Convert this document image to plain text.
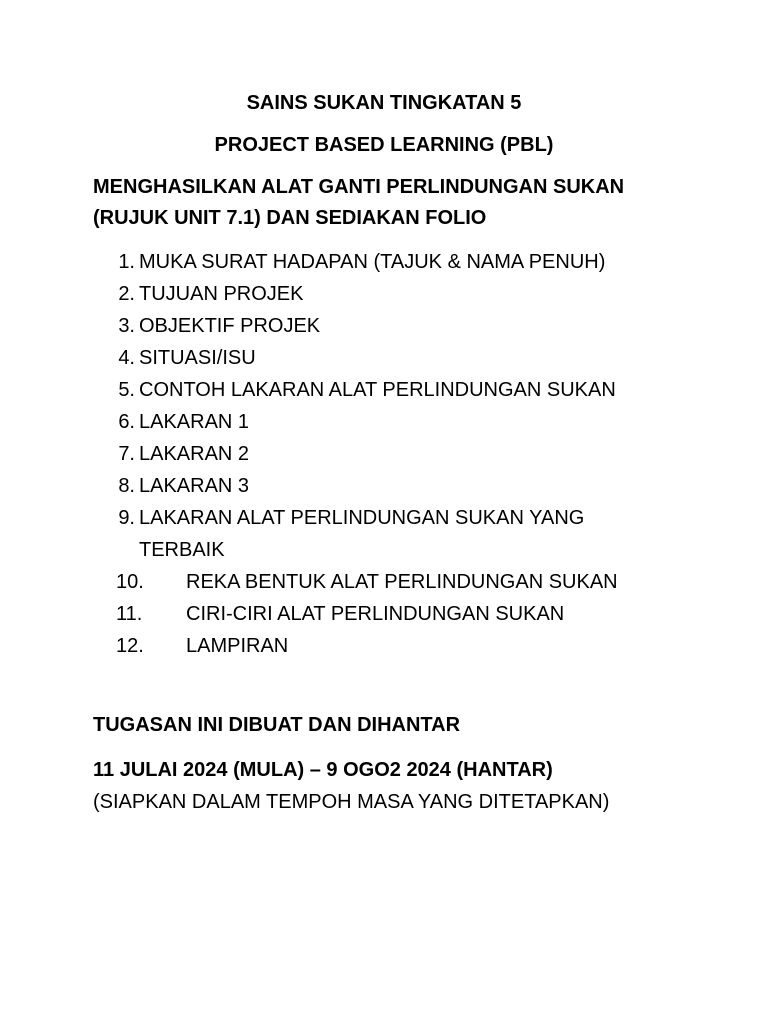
SAINS SUKAN TINGKATAN 5
PROJECT BASED LEARNING (PBL)
MENGHASILKAN ALAT GANTI PERLINDUNGAN SUKAN (RUJUK UNIT 7.1) DAN SEDIAKAN FOLIO
1. MUKA SURAT HADAPAN (TAJUK & NAMA PENUH)
2. TUJUAN PROJEK
3. OBJEKTIF PROJEK
4. SITUASI/ISU
5. CONTOH LAKARAN ALAT PERLINDUNGAN SUKAN
6. LAKARAN 1
7. LAKARAN 2
8. LAKARAN 3
9. LAKARAN ALAT PERLINDUNGAN SUKAN YANG TERBAIK
10. REKA BENTUK ALAT PERLINDUNGAN SUKAN
11. CIRI-CIRI ALAT PERLINDUNGAN SUKAN
12. LAMPIRAN
TUGASAN INI DIBUAT DAN DIHANTAR
11 JULAI 2024 (MULA) – 9 OGO2 2024 (HANTAR)
(SIAPKAN DALAM TEMPOH MASA YANG DITETAPKAN)
